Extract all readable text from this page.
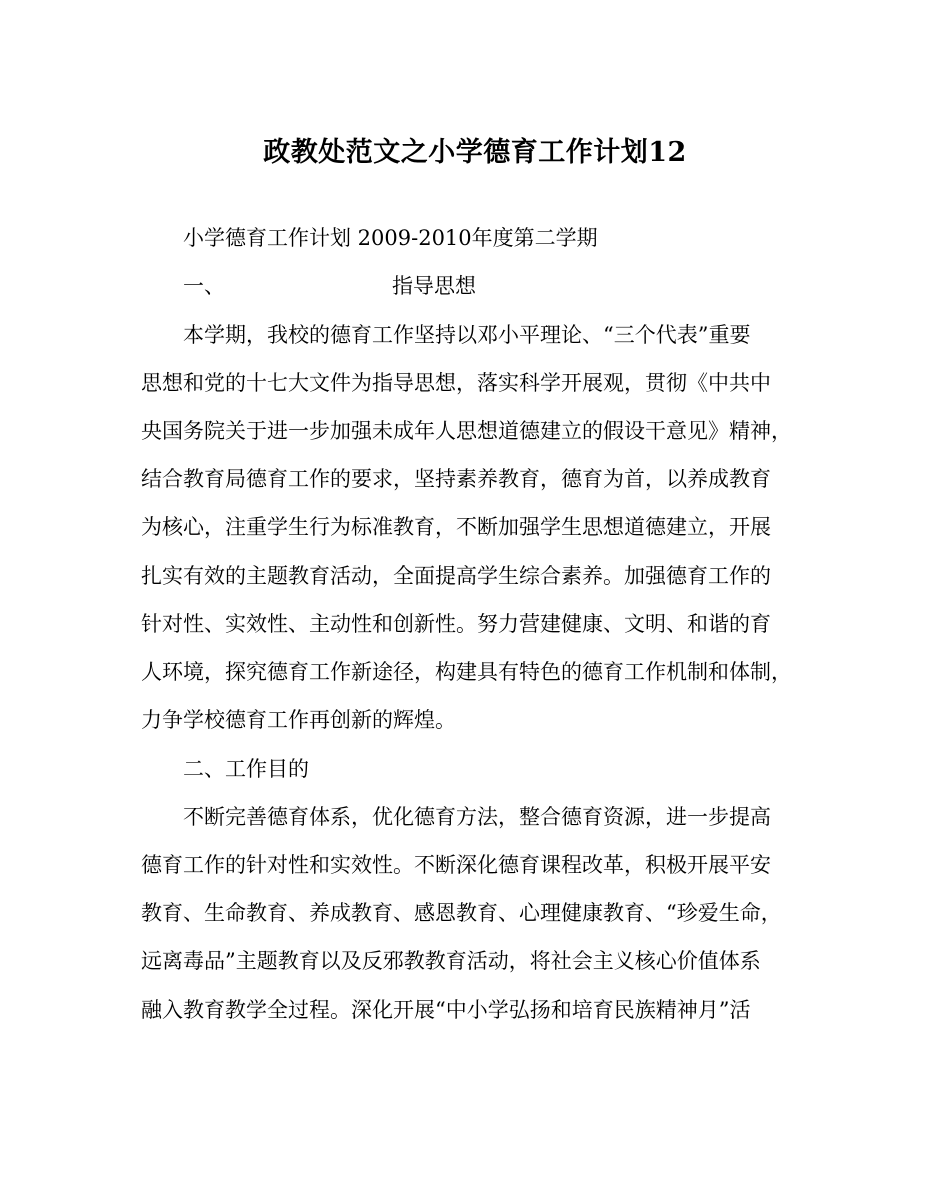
政教处范文之小学德育工作计划12
小学德育工作计划 2009-2010年度第二学期
一、	指导思想
本学期，我校的德育工作坚持以邓小平理论、“三个代表”重要
思想和党的十七大文件为指导思想，落实科学开展观，贯彻《中共中
央国务院关于进一步加强未成年人思想道德建立的假设干意见》精神，
结合教育局德育工作的要求，坚持素养教育，德育为首，以养成教育
为核心，注重学生行为标准教育，不断加强学生思想道德建立，开展
扎实有效的主题教育活动，全面提高学生综合素养。加强德育工作的
针对性、实效性、主动性和创新性。努力营建健康、文明、和谐的育
人环境，探究德育工作新途径，构建具有特色的德育工作机制和体制，
力争学校德育工作再创新的辉煌。
二、工作目的
不断完善德育体系，优化德育方法，整合德育资源，进一步提高
德育工作的针对性和实效性。不断深化德育课程改革，积极开展平安
教育、生命教育、养成教育、感恩教育、心理健康教育、“珍爱生命，
远离毒品”主题教育以及反邪教教育活动，将社会主义核心价值体系
融入教育教学全过程。深化开展“中小学弘扬和培育民族精神月”活
